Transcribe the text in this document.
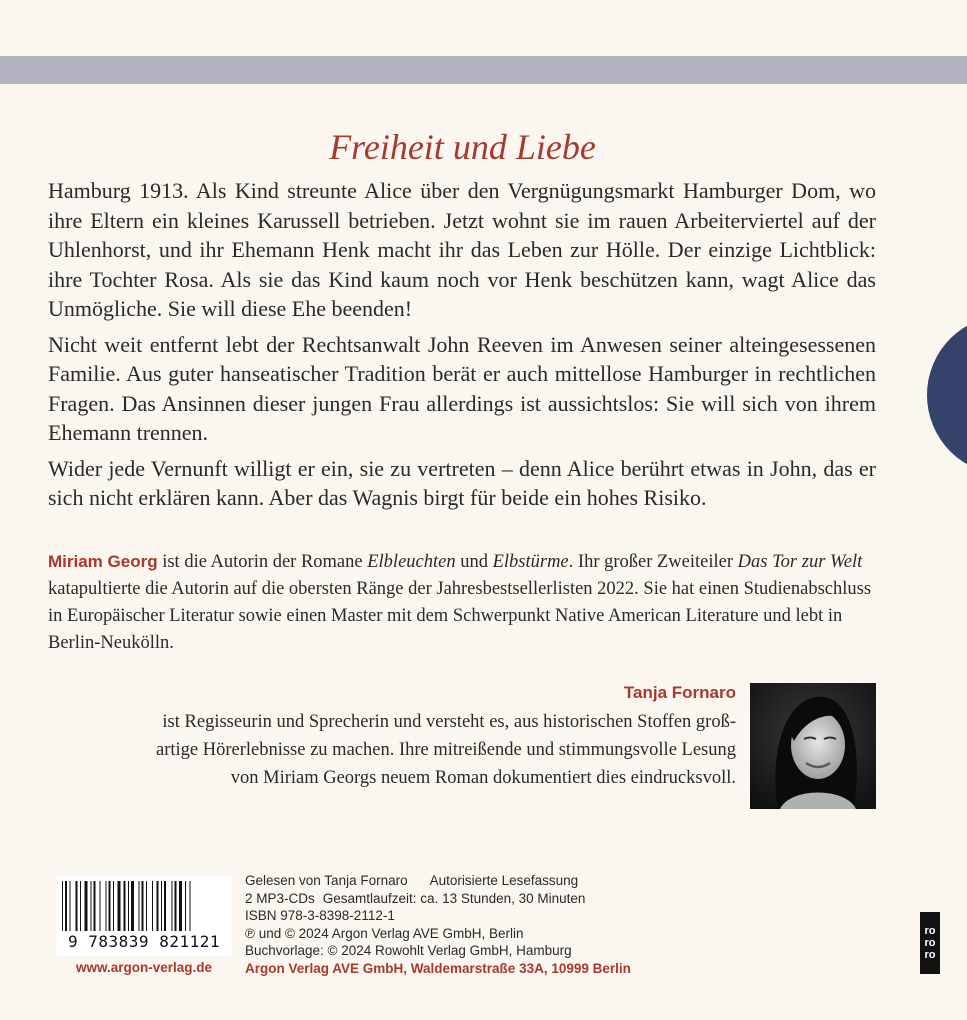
Freiheit und Liebe

Hamburg 1913. Als Kind streunte Alice über den Vergnügungsmarkt Hamburger Dom, wo ihre Eltern ein kleines Karussell betrieben. Jetzt wohnt sie im rauen Arbeiterviertel auf der Uhlenhorst, und ihr Ehemann Henk macht ihr das Leben zur Hölle. Der einzige Lichtblick: ihre Tochter Rosa. Als sie das Kind kaum noch vor Henk beschützen kann, wagt Alice das Unmögliche. Sie will diese Ehe beenden!

Nicht weit entfernt lebt der Rechtsanwalt John Reeven im Anwesen seiner alteingesessenen Familie. Aus guter hanseatischer Tradition berät er auch mittellose Hamburger in rechtlichen Fragen. Das Ansinnen dieser jungen Frau allerdings ist aussichtslos: Sie will sich von ihrem Ehemann trennen.

Wider jede Vernunft willigt er ein, sie zu vertreten – denn Alice berührt etwas in John, das er sich nicht erklären kann. Aber das Wagnis birgt für beide ein hohes Risiko.

Miriam Georg ist die Autorin der Romane Elbleuchten und Elbstürme. Ihr großer Zweiteiler Das Tor zur Welt katapultierte die Autorin auf die obersten Ränge der Jahresbestsellerlisten 2022. Sie hat einen Studienabschluss in Europäischer Literatur sowie einen Master mit dem Schwerpunkt Native American Literature und lebt in Berlin-Neukölln.
Tanja Fornaro
ist Regisseurin und Sprecherin und versteht es, aus historischen Stoffen groß-
artige Hörerlebnisse zu machen. Ihre mitreißende und stimmungsvolle Lesung
von Miriam Georgs neuem Roman dokumentiert dies eindrucksvoll.
9 783839 821121
www.argon-verlag.de
Gelesen von Tanja Fornaro Autorisierte Lesefassung
2 MP3-CDs Gesamtlaufzeit: ca. 13 Stunden, 30 Minuten
ISBN 978-3-8398-2112-1
℗ und © 2024 Argon Verlag AVE GmbH, Berlin
Buchvorlage: © 2024 Rowohlt Verlag GmbH, Hamburg
Argon Verlag AVE GmbH, Waldemarstraße 33A, 10999 Berlin
ro
ro
ro
